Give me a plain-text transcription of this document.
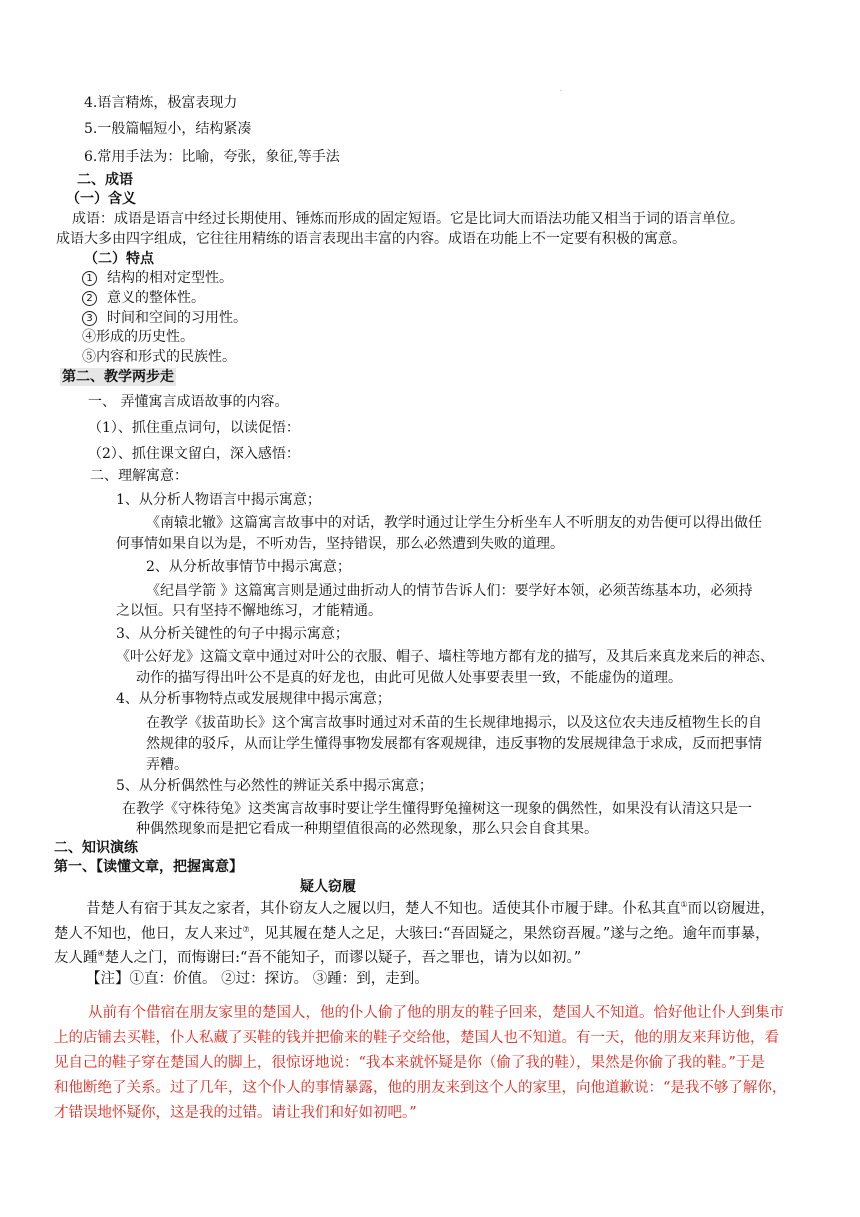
·
4.语言精炼，极富表现力
5.一般篇幅短小，结构紧凑
6.常用手法为：比喻，夸张，象征,等手法
二、成语
（一）含义
成语：成语是语言中经过长期使用、锤炼而形成的固定短语。它是比词大而语法功能又相当于词的语言单位。
成语大多由四字组成，它往往用精练的语言表现出丰富的内容。成语在功能上不一定要有积极的寓意。
（二）特点
1 结构的相对定型性。
2 意义的整体性。
3 时间和空间的习用性。
④形成的历史性。
⑤内容和形式的民族性。
第二、教学两步走
一、 弄懂寓言成语故事的内容。
（1）、抓住重点词句，以读促悟：
（2）、抓住课文留白，深入感悟：
二、理解寓意：
1、从分析人物语言中揭示寓意；
《南辕北辙》这篇寓言故事中的对话，教学时通过让学生分析坐车人不听朋友的劝告便可以得出做任
何事情如果自以为是，不听劝告，坚持错误，那么必然遭到失败的道理。
2、从分析故事情节中揭示寓意；
《纪昌学箭 》这篇寓言则是通过曲折动人的情节告诉人们：要学好本领，必须苦练基本功，必须持
之以恒。只有坚持不懈地练习，才能精通。
3、从分析关键性的句子中揭示寓意；
《叶公好龙》这篇文章中通过对叶公的衣服、帽子、墙柱等地方都有龙的描写，及其后来真龙来后的神态、
动作的描写得出叶公不是真的好龙也，由此可见做人处事要表里一致，不能虚伪的道理。
4、从分析事物特点或发展规律中揭示寓意；
在教学《拔苗助长》这个寓言故事时通过对禾苗的生长规律地揭示，以及这位农夫违反植物生长的自
然规律的驳斥，从而让学生懂得事物发展都有客观规律，违反事物的发展规律急于求成，反而把事情
弄糟。
5、从分析偶然性与必然性的辨证关系中揭示寓意；
在教学《守株待兔》这类寓言故事时要让学生懂得野兔撞树这一现象的偶然性，如果没有认清这只是一
种偶然现象而是把它看成一种期望值很高的必然现象，那么只会自食其果。
二、知识演练
第一、【读懂文章，把握寓意】
疑人窃履
昔楚人有宿于其友之家者，其仆窃友人之履以归，楚人不知也。适使其仆市履于肆。仆私其直①而以窃履进，
楚人不知也，他日，友人来过⑦，见其履在楚人之足，大骇曰:“吾固疑之，果然窃吾履。”遂与之绝。逾年而事暴，
友人踵④楚人之门，而悔谢曰:“吾不能知子，而谬以疑子，吾之罪也，请为以如初。”
【注】①直：价值。 ②过：探访。 ③踵：到，走到。
从前有个借宿在朋友家里的楚国人，他的仆人偷了他的朋友的鞋子回来，楚国人不知道。恰好他让仆人到集市
上的店铺去买鞋，仆人私藏了买鞋的钱并把偷来的鞋子交给他，楚国人也不知道。有一天，他的朋友来拜访他，看
见自己的鞋子穿在楚国人的脚上，很惊讶地说：“我本来就怀疑是你（偷了我的鞋），果然是你偷了我的鞋。”于是
和他断绝了关系。过了几年，这个仆人的事情暴露，他的朋友来到这个人的家里，向他道歉说：“是我不够了解你，
才错误地怀疑你，这是我的过错。请让我们和好如初吧。”
